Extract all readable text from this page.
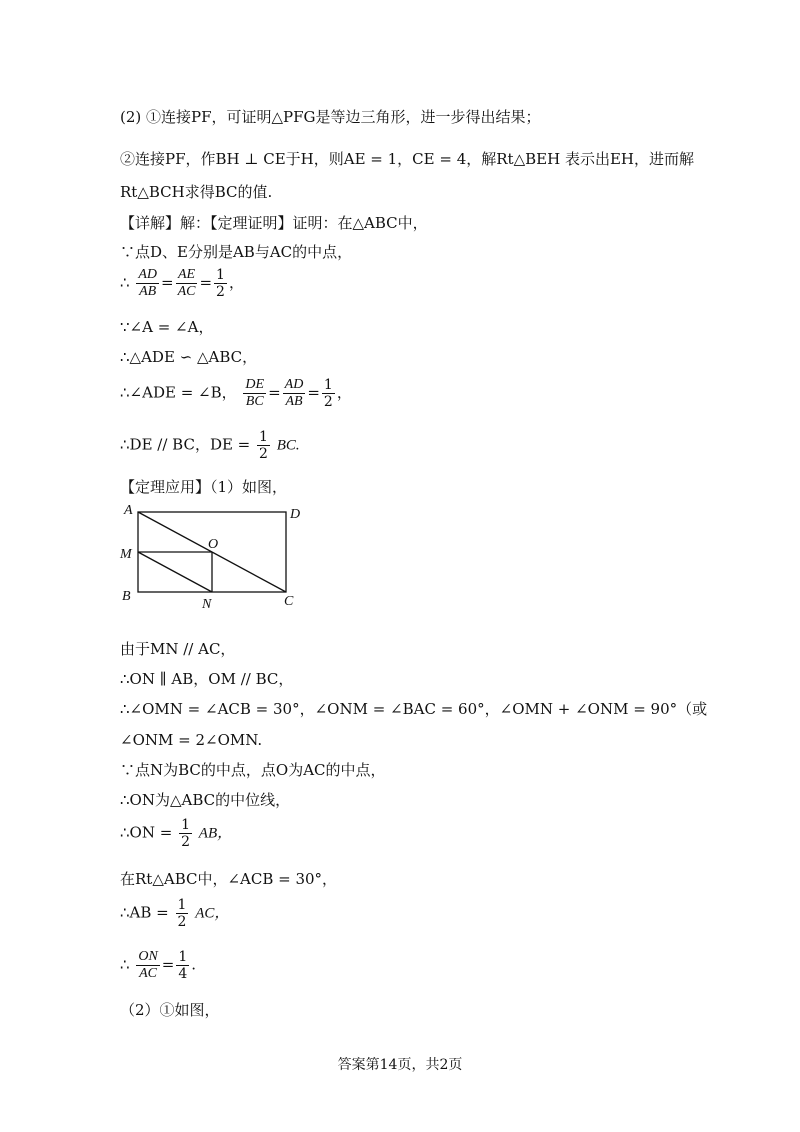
(2) ①连接PF，可证明△PFG是等边三角形，进一步得出结果；
②连接PF，作BH ⊥ CE于H，则AE = 1，CE = 4，解Rt△BEH 表示出EH，进而解
Rt△BCH求得BC的值.
【详解】解：【定理证明】证明：在△ABC中，
∵点D、E分别是AB与AC的中点，
∴ $\frac{AD}{AB} = \frac{AE}{AC} = \frac{1}{2}$ ，
∵∠A = ∠A，
∴△ADE ∽ △ABC，
∴∠ADE = ∠B， $\frac{DE}{BC} = \frac{AD}{AB} = \frac{1}{2}$ ，
∴DE // BC，DE = $\frac{1}{2}$ BC.
【定理应用】（1）如图，
A	D
M
O
B
N	C
由于MN // AC，
∴ON ∥ AB，OM // BC，
∴∠OMN = ∠ACB = 30°，∠ONM = ∠BAC = 60°，∠OMN + ∠ONM = 90°（或
∠ONM = 2∠OMN.
∵点N为BC的中点，点O为AC的中点，
∴ON为△ABC的中位线，
∴ON = $\frac{1}{2}$ AB，
在Rt△ABC中，∠ACB = 30°，
∴AB = $\frac{1}{2}$ AC，
∴ $\frac{ON}{AC} = \frac{1}{4}$ .
（2）①如图，
答案第14页，共2页
